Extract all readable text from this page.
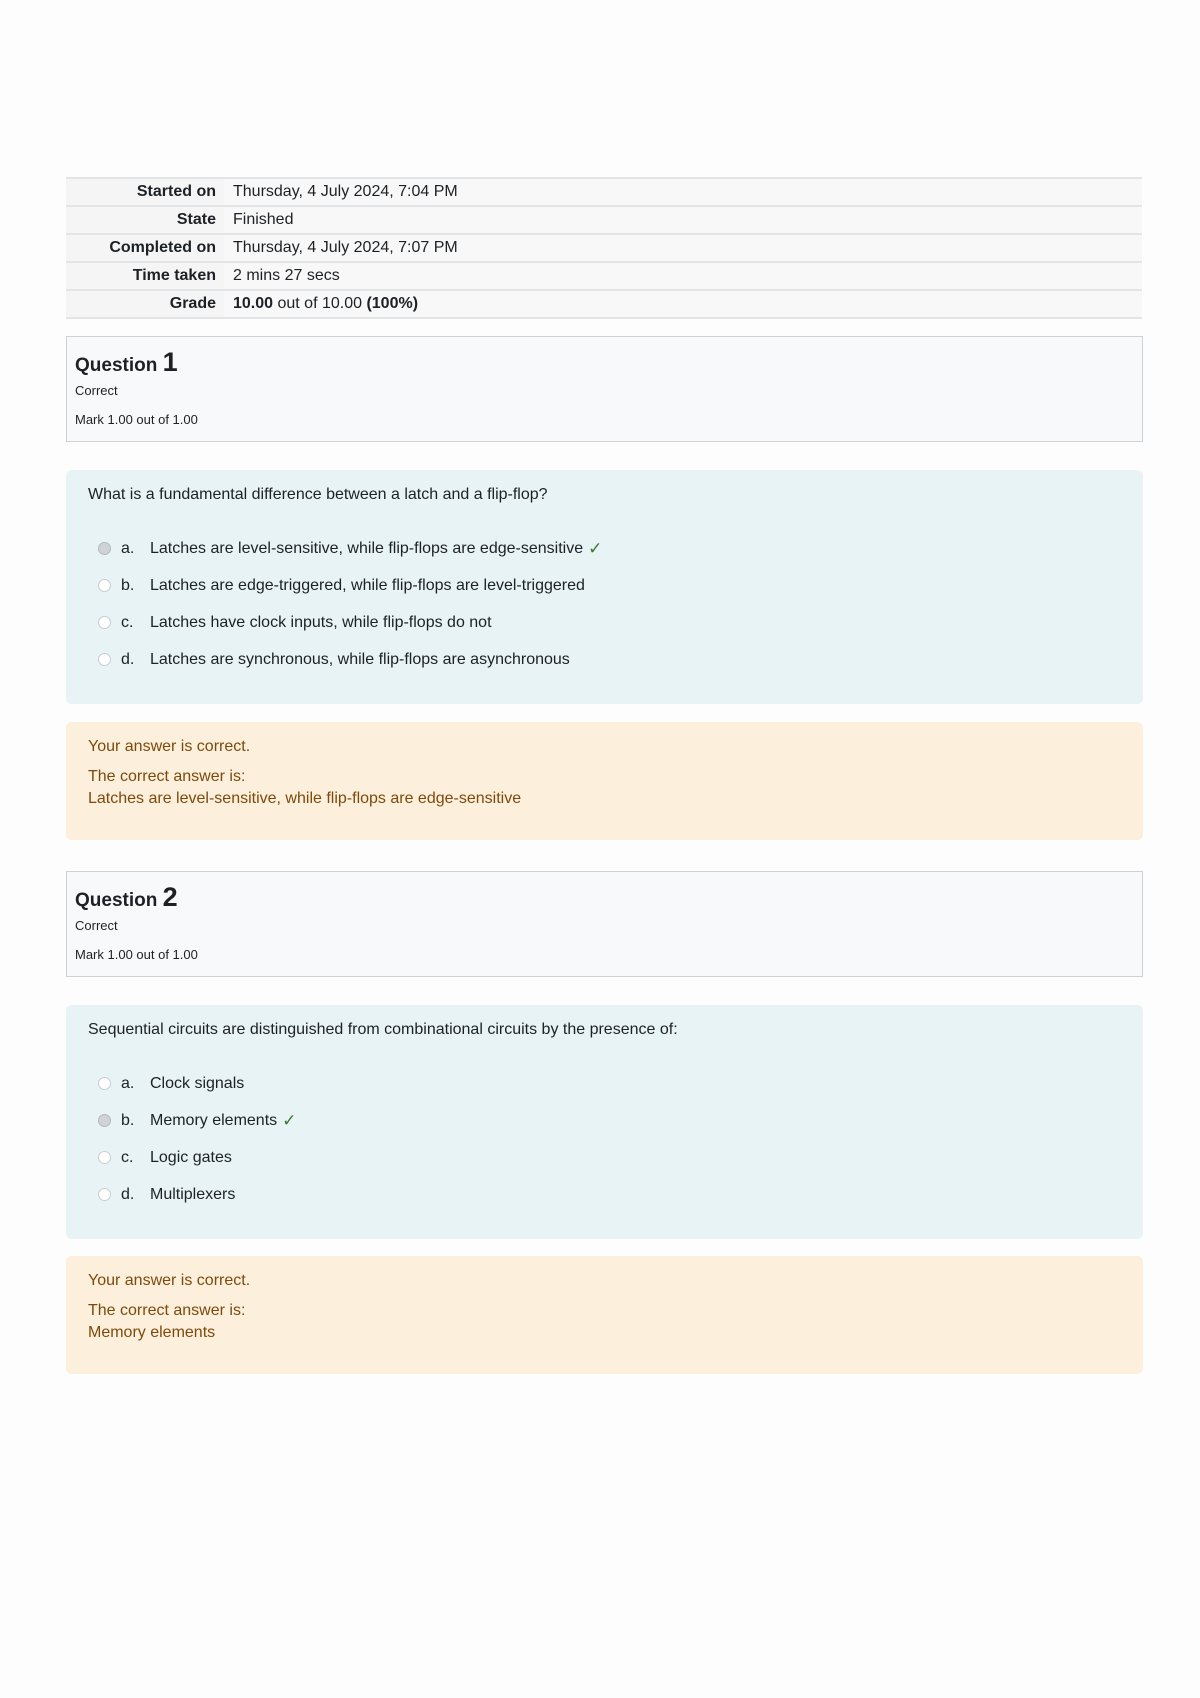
Started on	Thursday, 4 July 2024, 7:04 PM
State	Finished
Completed on	Thursday, 4 July 2024, 7:07 PM
Time taken	2 mins 27 secs
Grade	10.00 out of 10.00 (100%)
Question 1
Correct
Mark 1.00 out of 1.00
What is a fundamental difference between a latch and a flip-flop?
a. Latches are level-sensitive, while flip-flops are edge-sensitive ✓
b. Latches are edge-triggered, while flip-flops are level-triggered
c.	Latches have clock inputs, while flip-flops do not
d. Latches are synchronous, while flip-flops are asynchronous
Your answer is correct.
The correct answer is:
Latches are level-sensitive, while flip-flops are edge-sensitive
Question 2
Correct
Mark 1.00 out of 1.00
Sequential circuits are distinguished from combinational circuits by the presence of:
a. Clock signals
b. Memory elements ✓
c.	Logic gates
d. Multiplexers
Your answer is correct.
The correct answer is:
Memory elements
